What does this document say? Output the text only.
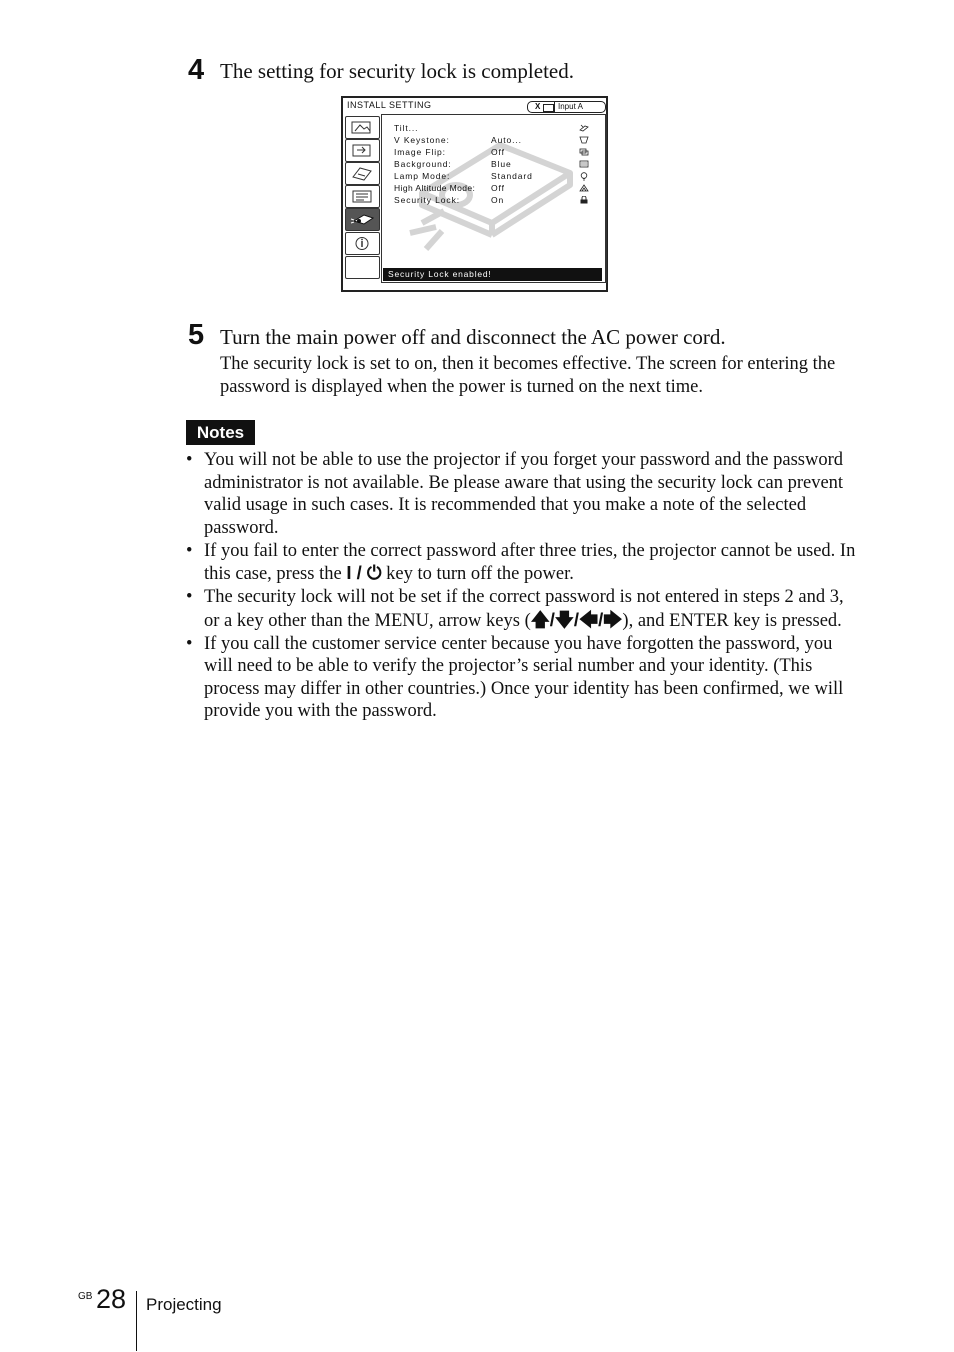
4 The setting for security lock is completed.
INSTALL SETTING	X Input A
Tilt...
V Keystone:	Auto...
Image Flip:	Off
Background:	Blue
Lamp Mode:	Standard
High Altitude Mode: Off
Security Lock:	On
Security Lock enabled!
5 Turn the main power off and disconnect the AC power cord.
The security lock is set to on, then it becomes effective. The screen for entering the password is displayed when the power is turned on the next time.
Notes
• You will not be able to use the projector if you forget your password and the password administrator is not available. Be please aware that using the security lock can prevent valid usage in such cases. It is recommended that you make a note of the selected password.
• If you fail to enter the correct password after three tries, the projector cannot be used. In this case, press the I / ⏻ key to turn off the power.
• The security lock will not be set if the correct password is not entered in steps 2 and 3, or a key other than the MENU, arrow keys (🡅/🡇/🡄/🡆), and ENTER key is pressed.
• If you call the customer service center because you have forgotten the password, you will need to be able to verify the projector’s serial number and your identity. (This process may differ in other countries.) Once your identity has been confirmed, we will provide you with the password.
GB 28 Projecting
